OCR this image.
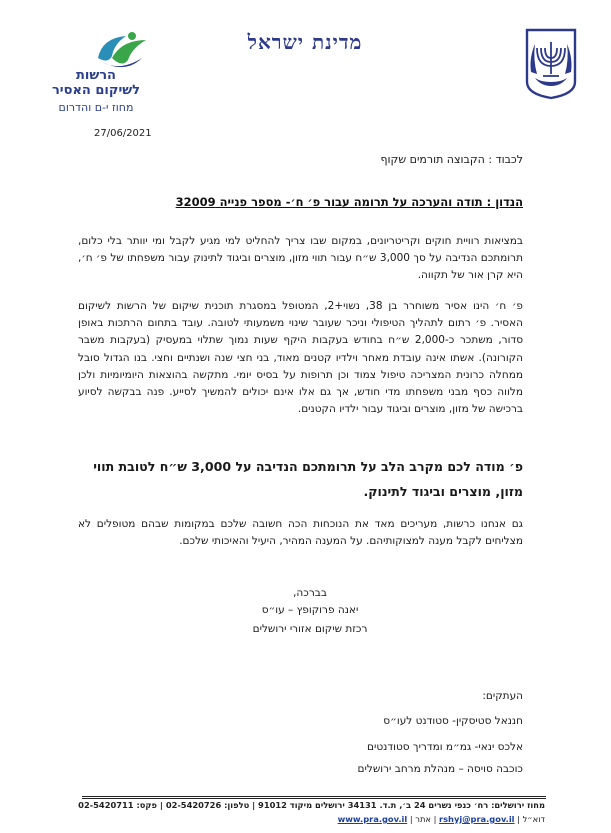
מדינת ישראל
הרשות
לשיקום האסיר
מחוז י-ם והדרום
27/06/2021
לכבוד : הקבוצה תורמים שקוף
הנדון : תודה והערכה על תרומה עבור פ׳ ח׳- מספר פנייה 32009
במציאות רוויית חוקים וקריטריונים, במקום שבו צריך להחליט למי מגיע לקבל ומי יוותר בלי כלום, תרומתכם הנדיבה על סך 3,000 ש״ח עבור תווי מזון, מוצרים וביגוד לתינוק עבור משפחתו של פ׳ ח׳, היא קרן אור של תקווה.
פ׳ ח׳ הינו אסיר משוחרר בן 38, נשוי+2, המטופל במסגרת תוכנית שיקום של הרשות לשיקום האסיר. פ׳ רתום לתהליך הטיפולי וניכר שעובר שינוי משמעותי לטובה. עובד בתחום הרתכות באופן סדור, משתכר כ-2,000 ש״ח בחודש בעקבות היקף שעות נמוך שתלוי במעסיק (בעקבות משבר הקורונה). אשתו אינה עובדת מאחר וילדיו קטנים מאוד, בני חצי שנה ושנתיים וחצי. בנו הגדול סובל ממחלה כרונית המצריכה טיפול צמוד וכן תרופות על בסיס יומי. מתקשה בהוצאות היומיומיות ולכן מלווה כסף מבני משפחתו מדי חודש, אך גם אלו אינם יכולים להמשיך לסייע. פנה בבקשה לסיוע ברכישה של מזון, מוצרים וביגוד עבור ילדיו הקטנים.
פ׳ מודה לכם מקרב הלב על תרומתכם הנדיבה על 3,000 ש״ח לטובת תווי מזון, מוצרים וביגוד לתינוק.
גם אנחנו כרשות, מעריכים מאד את הנוכחות הכה חשובה שלכם במקומות שבהם מטופלים לא מצליחים לקבל מענה למצוקותיהם. על המענה המהיר, היעיל והאיכותי שלכם.
בברכה,
יאנה פרוקופץ – עו״ס
רכזת שיקום אזורי ירושלים
העתקים:
חננאל סטיסקין- סטודנט לעו״ס
אלכס ינאי- גמ״מ ומדריך סטודנטים
כוכבה סויסה – מנהלת מרחב ירושלים
מחוז ירושלים: רח׳ כנפי נשרים 24 ב׳, ת.ד. 34131 ירושלים מיקוד 91012 | טלפון: 02-5420726 | פקס: 02-5420711
דוא״ל | rshyj@pra.gov.il | אתר | www.pra.gov.il
